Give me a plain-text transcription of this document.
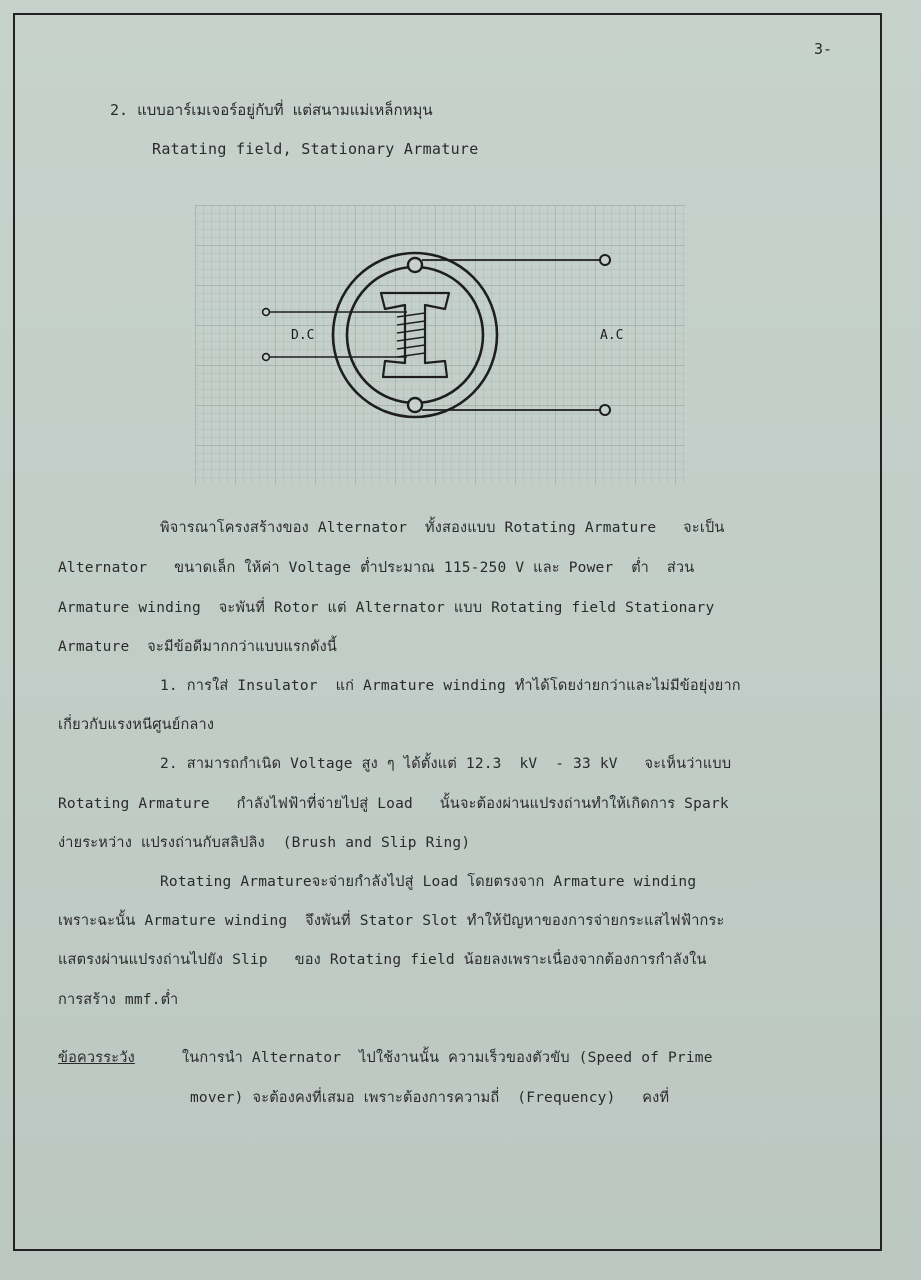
3-
2. แบบอาร์เมเจอร์อยู่กับที่ แต่สนามแม่เหล็กหมุน
Ratating field, Stationary Armature
D.C	A.C
พิจารณาโครงสร้างของ Alternator  ทั้งสองแบบ Rotating Armature   จะเป็น
Alternator   ขนาดเล็ก ให้ค่า Voltage ต่ำประมาณ 115-250 V และ Power  ต่ำ  ส่วน
Armature winding  จะพันที่ Rotor แต่ Alternator แบบ Rotating field Stationary
Armature  จะมีข้อดีมากกว่าแบบแรกดังนี้
1. การใส่ Insulator  แก่ Armature winding ทำได้โดยง่ายกว่าและไม่มีข้อยุ่งยาก
เกี่ยวกับแรงหนีศูนย์กลาง
2. สามารถกำเนิด Voltage สูง ๆ ได้ตั้งแต่ 12.3  kV  - 33 kV   จะเห็นว่าแบบ
Rotating Armature   กำลังไฟฟ้าที่จ่ายไปสู่ Load   นั้นจะต้องผ่านแปรงถ่านทำให้เกิดการ Spark
ง่ายระหว่าง แปรงถ่านกับสลิปลิง  (Brush and Slip Ring)
Rotating Armatureจะจ่ายกำลังไปสู่ Load โดยตรงจาก Armature winding
เพราะฉะนั้น Armature winding  จึงพันที่ Stator Slot ทำให้ปัญหาของการจ่ายกระแสไฟฟ้ากระ
แสตรงผ่านแปรงถ่านไปยัง Slip   ของ Rotating field น้อยลงเพราะเนื่องจากต้องการกำลังใน
การสร้าง mmf.ต่ำ
ข้อควรระวัง	ในการนำ Alternator  ไปใช้งานนั้น ความเร็วของตัวขับ (Speed of Prime
mover) จะต้องคงที่เสมอ เพราะต้องการความถี่  (Frequency)   คงที่
